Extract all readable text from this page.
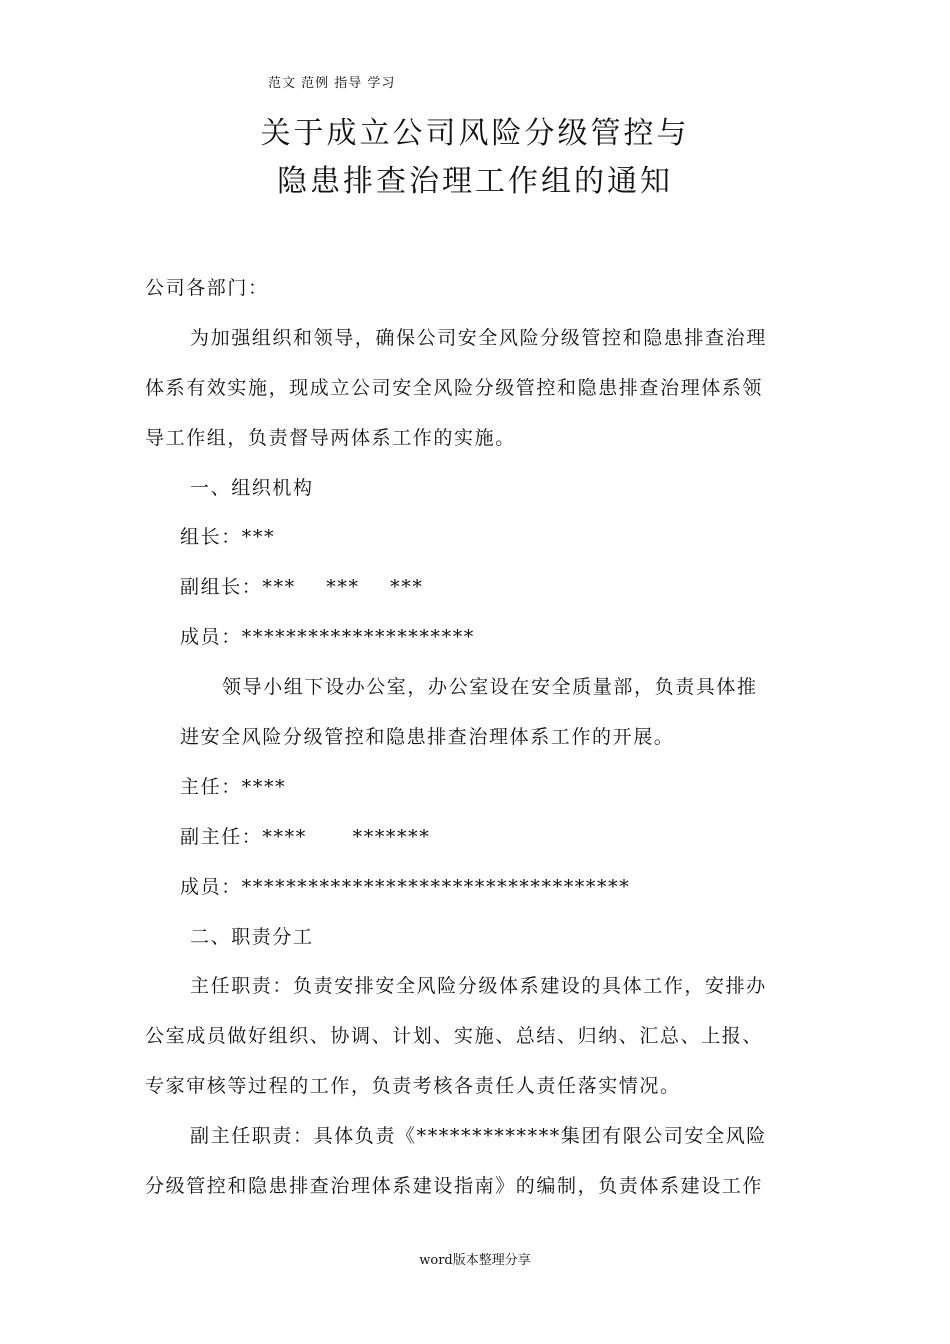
范文 范例 指导 学习
关于成立公司风险分级管控与
隐患排查治理工作组的通知
公司各部门：
为加强组织和领导，确保公司安全风险分级管控和隐患排查治理
体系有效实施，现成立公司安全风险分级管控和隐患排查治理体系领
导工作组，负责督导两体系工作的实施。
一、组织机构
组长：***
副组长：***    ***    ***
成员：*********************
领导小组下设办公室，办公室设在安全质量部，负责具体推
进安全风险分级管控和隐患排查治理体系工作的开展。
主任：****
副主任：****      *******
成员：***********************************
二、职责分工
主任职责：负责安排安全风险分级体系建设的具体工作，安排办
公室成员做好组织、协调、计划、实施、总结、归纳、汇总、上报、
专家审核等过程的工作，负责考核各责任人责任落实情况。
副主任职责：具体负责《*************集团有限公司安全风险
分级管控和隐患排查治理体系建设指南》的编制，负责体系建设工作
word版本整理分享
